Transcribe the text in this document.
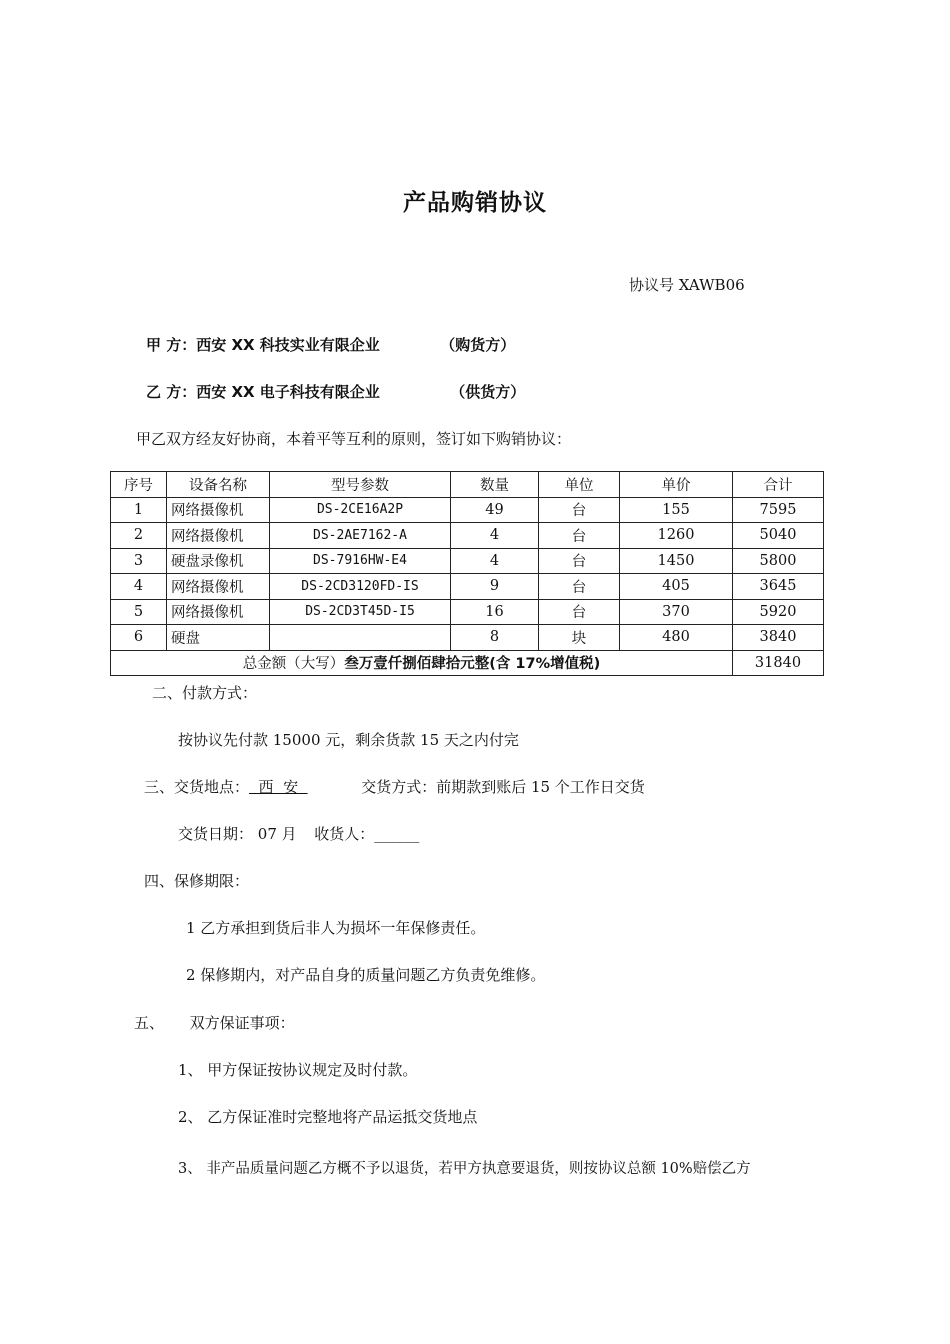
产品购销协议
协议号 XAWB06
甲 方：西安 XX 科技实业有限企业	（购货方）
乙 方：西安 XX 电子科技有限企业	（供货方）
甲乙双方经友好协商，本着平等互利的原则，签订如下购销协议：
序号	设备名称	型号参数	数量	单位	单价	合计
1	网络摄像机	DS-2CE16A2P	49	台	155	7595
2	网络摄像机	DS-2AE7162-A	4	台	1260	5040
3	硬盘录像机	DS-7916HW-E4	4	台	1450	5800
4	网络摄像机	DS-2CD3120FD-IS	9	台	405	3645
5	网络摄像机	DS-2CD3T45D-I5	16	台	370	5920
6	硬盘		8	块	480	3840
总金额（大写）叁万壹仟捌佰肆拾元整(含 17%增值税)						31840
二、付款方式：
按协议先付款 15000 元，剩余货款 15 天之内付完
三、交货地点：  西  安	交货方式：前期款到账后 15 个工作日交货
交货日期： 07 月 收货人：______
四、保修期限：
1 乙方承担到货后非人为损坏一年保修责任。
2 保修期内，对产品自身的质量问题乙方负责免维修。
五、 双方保证事项：
1、 甲方保证按协议规定及时付款。
2、 乙方保证准时完整地将产品运抵交货地点
3、 非产品质量问题乙方概不予以退货，若甲方执意要退货，则按协议总额 10%赔偿乙方
